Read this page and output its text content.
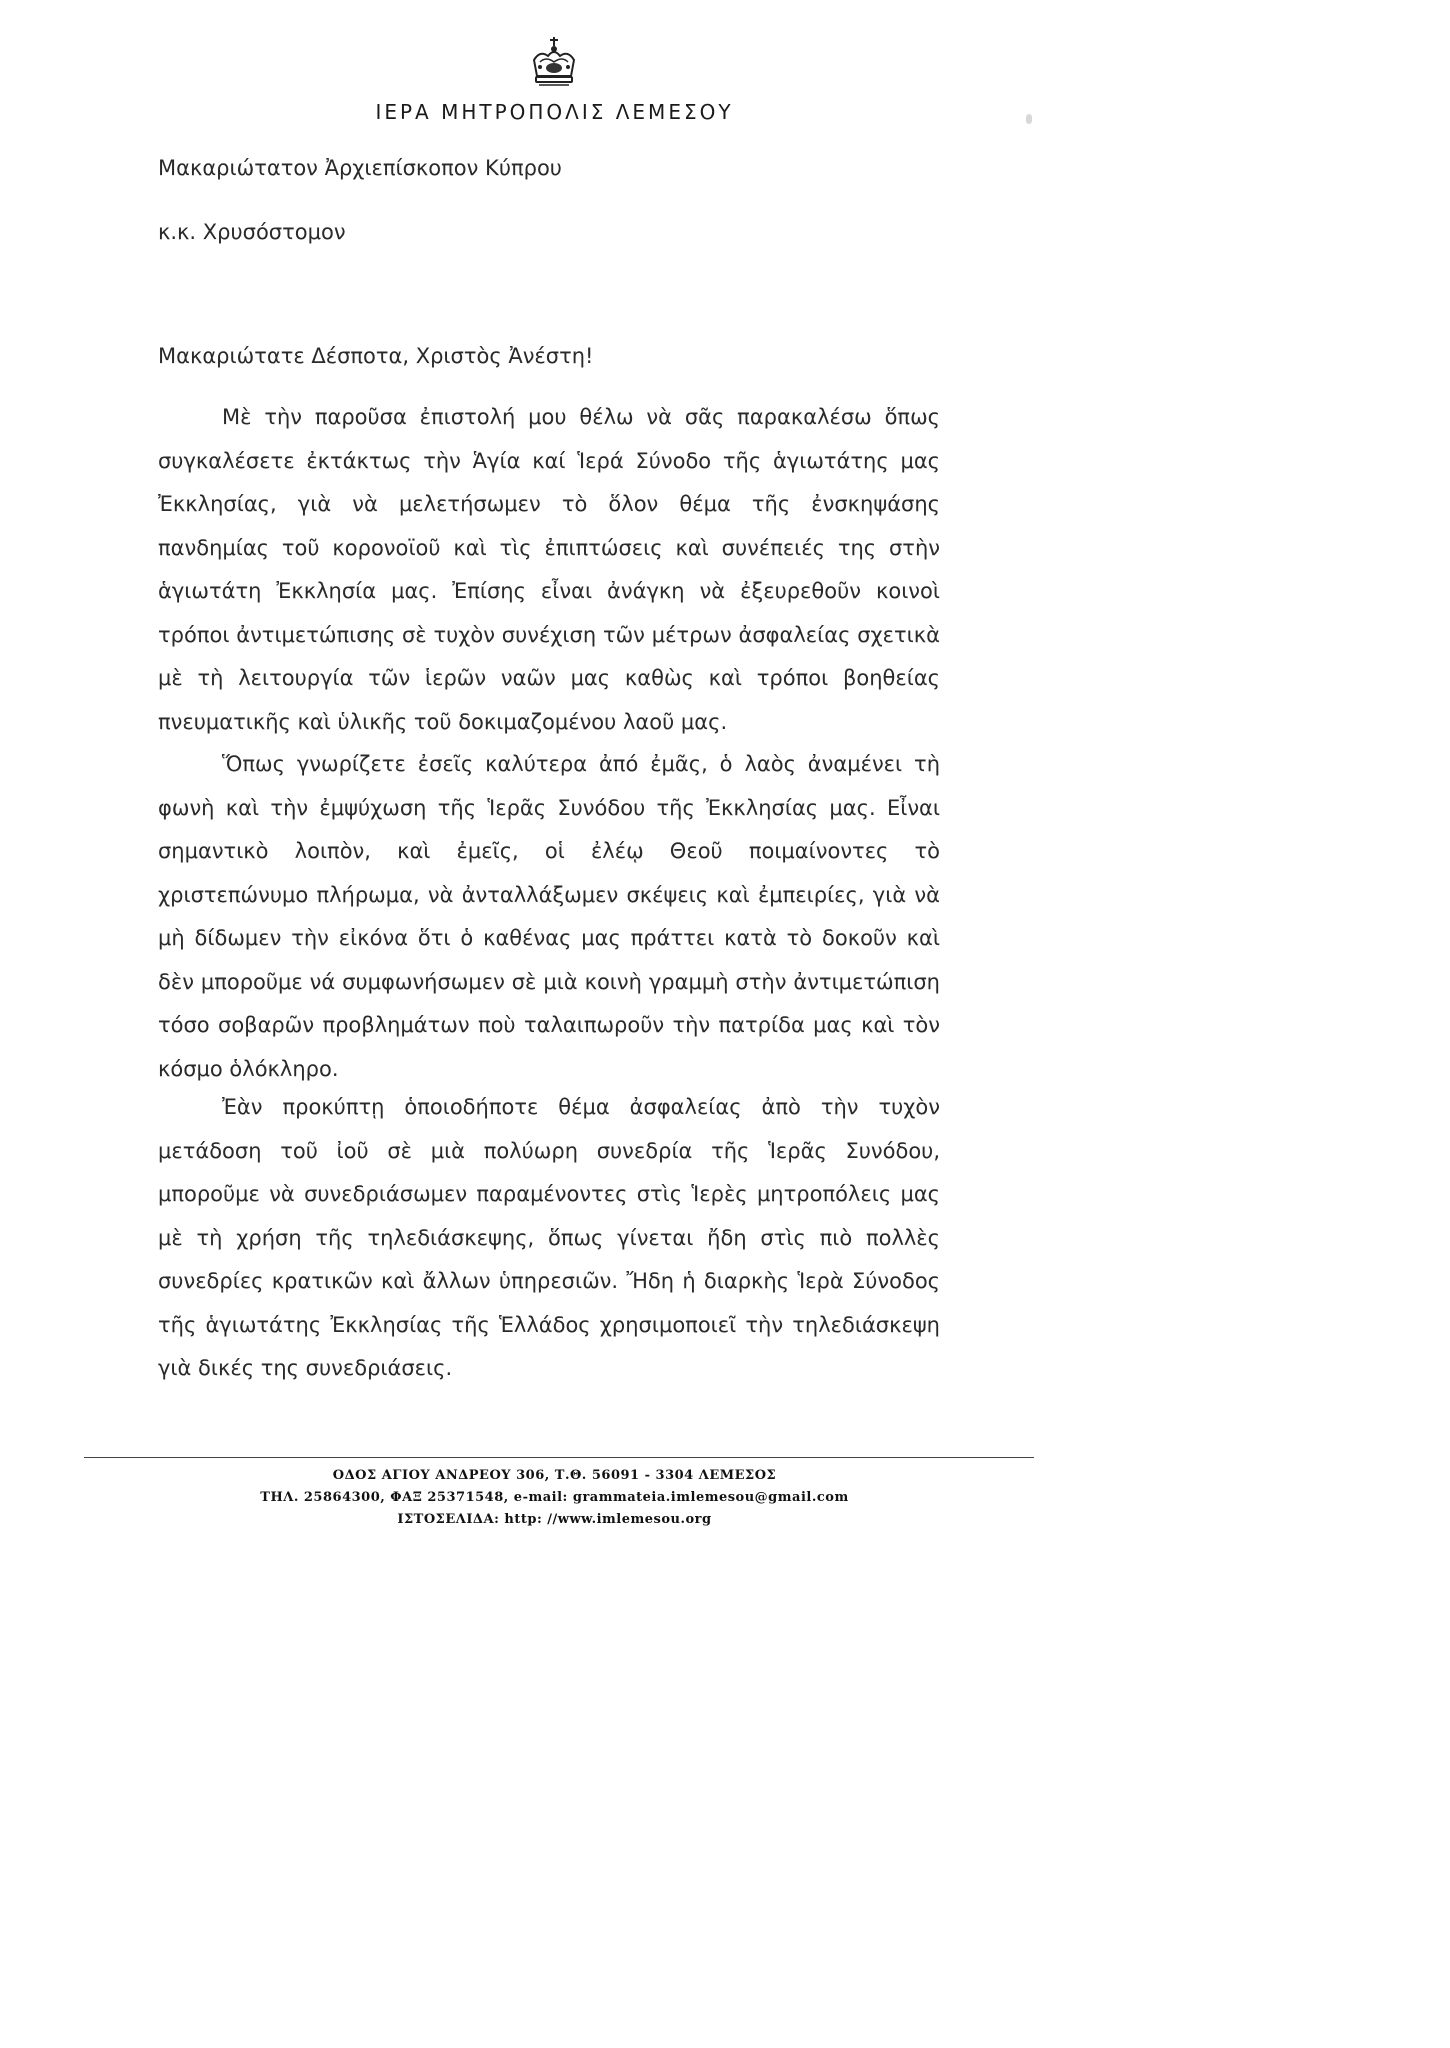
ΙΕΡΑ ΜΗΤΡΟΠΟΛΙΣ ΛΕΜΕΣΟΥ
Μακαριώτατον Ἀρχιεπίσκοπον Κύπρου
κ.κ. Χρυσόστομον
Μακαριώτατε Δέσποτα, Χριστὸς Ἀνέστη!

Μὲ τὴν παροῦσα ἐπιστολή μου θέλω νὰ σᾶς παρακαλέσω ὅπως συγκαλέσετε ἐκτάκτως τὴν Ἁγία καί Ἱερά Σύνοδο τῆς ἁγιωτάτης μας Ἐκκλησίας, γιὰ νὰ μελετήσωμεν τὸ ὅλον θέμα τῆς ἐνσκηψάσης πανδημίας τοῦ κορονοϊοῦ καὶ τὶς ἐπιπτώσεις καὶ συνέπειές της στὴν ἁγιωτάτη Ἐκκλησία μας. Ἐπίσης εἶναι ἀνάγκη νὰ ἐξευρεθοῦν κοινοὶ τρόποι ἀντιμετώπισης σὲ τυχὸν συνέχιση τῶν μέτρων ἀσφαλείας σχετικὰ μὲ τὴ λειτουργία τῶν ἱερῶν ναῶν μας καθὼς καὶ τρόποι βοηθείας πνευματικῆς καὶ ὑλικῆς τοῦ δοκιμαζομένου λαοῦ μας.

Ὅπως γνωρίζετε ἐσεῖς καλύτερα ἀπό ἐμᾶς, ὁ λαὸς ἀναμένει τὴ φωνὴ καὶ τὴν ἐμψύχωση τῆς Ἱερᾶς Συνόδου τῆς Ἐκκλησίας μας. Εἶναι σημαντικὸ λοιπὸν, καὶ ἐμεῖς, οἱ ἐλέῳ Θεοῦ ποιμαίνοντες τὸ χριστεπώνυμο πλήρωμα, νὰ ἀνταλλάξωμεν σκέψεις καὶ ἐμπειρίες, γιὰ νὰ μὴ δίδωμεν τὴν εἰκόνα ὅτι ὁ καθένας μας πράττει κατὰ τὸ δοκοῦν καὶ δὲν μποροῦμε νά συμφωνήσωμεν σὲ μιὰ κοινὴ γραμμὴ στὴν ἀντιμετώπιση τόσο σοβαρῶν προβλημάτων ποὺ ταλαιπωροῦν τὴν πατρίδα μας καὶ τὸν κόσμο ὁλόκληρο.

Ἐὰν προκύπτῃ ὁποιοδήποτε θέμα ἀσφαλείας ἀπὸ τὴν τυχὸν μετάδοση τοῦ ἰοῦ σὲ μιὰ πολύωρη συνεδρία τῆς Ἱερᾶς Συνόδου, μποροῦμε νὰ συνεδριάσωμεν παραμένοντες στὶς Ἱερὲς μητροπόλεις μας μὲ τὴ χρήση τῆς τηλεδιάσκεψης, ὅπως γίνεται ἤδη στὶς πιὸ πολλὲς συνεδρίες κρατικῶν καὶ ἄλλων ὑπηρεσιῶν. Ἤδη ἡ διαρκὴς Ἱερὰ Σύνοδος τῆς ἁγιωτάτης Ἐκκλησίας τῆς Ἑλλάδος χρησιμοποιεῖ τὴν τηλεδιάσκεψη γιὰ δικές της συνεδριάσεις.

ΟΔΟΣ ΑΓΙΟΥ ΑΝΔΡΕΟΥ 306, Τ.Θ. 56091 - 3304 ΛΕΜΕΣΟΣ
ΤΗΛ. 25864300, ΦΑΞ 25371548, e-mail: grammateia.imlemesou@gmail.com
ΙΣΤΟΣΕΛΙΔΑ: http: //www.imlemesou.org
